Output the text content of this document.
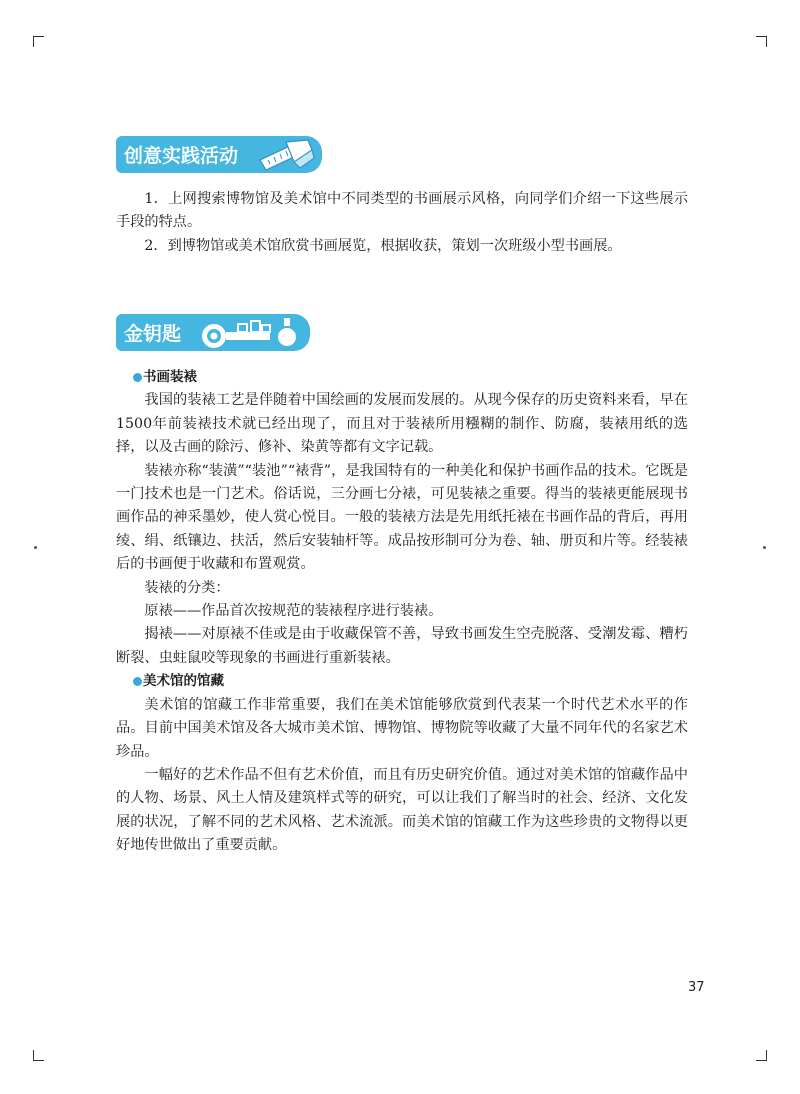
创意实践活动

1．上网搜索博物馆及美术馆中不同类型的书画展示风格，向同学们介绍一下这些展示手段的特点。

2．到博物馆或美术馆欣赏书画展览，根据收获，策划一次班级小型书画展。

金钥匙
书画装裱

我国的装裱工艺是伴随着中国绘画的发展而发展的。从现今保存的历史资料来看，早在1500年前装裱技术就已经出现了，而且对于装裱所用糨糊的制作、防腐，装裱用纸的选择，以及古画的除污、修补、染黄等都有文字记载。

装裱亦称“装潢”“装池”“裱背”，是我国特有的一种美化和保护书画作品的技术。它既是一门技术也是一门艺术。俗话说，三分画七分裱，可见装裱之重要。得当的装裱更能展现书画作品的神采墨妙，使人赏心悦目。一般的装裱方法是先用纸托裱在书画作品的背后，再用绫、绢、纸镶边、扶活，然后安装轴杆等。成品按形制可分为卷、轴、册页和片等。经装裱后的书画便于收藏和布置观赏。

装裱的分类：

原裱——作品首次按规范的装裱程序进行装裱。

揭裱——对原裱不佳或是由于收藏保管不善，导致书画发生空壳脱落、受潮发霉、糟朽断裂、虫蛀鼠咬等现象的书画进行重新装裱。

美术馆的馆藏

美术馆的馆藏工作非常重要，我们在美术馆能够欣赏到代表某一个时代艺术水平的作品。目前中国美术馆及各大城市美术馆、博物馆、博物院等收藏了大量不同年代的名家艺术珍品。

一幅好的艺术作品不但有艺术价值，而且有历史研究价值。通过对美术馆的馆藏作品中的人物、场景、风土人情及建筑样式等的研究，可以让我们了解当时的社会、经济、文化发展的状况，了解不同的艺术风格、艺术流派。而美术馆的馆藏工作为这些珍贵的文物得以更好地传世做出了重要贡献。

37
